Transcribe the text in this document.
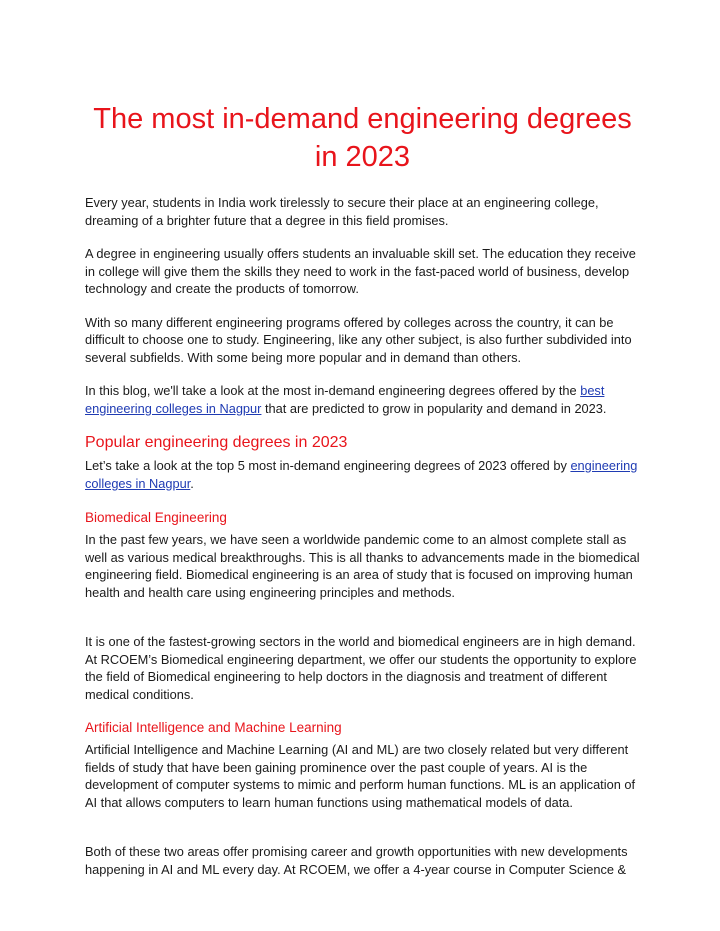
The most in-demand engineering degrees in 2023

Every year, students in India work tirelessly to secure their place at an engineering college, dreaming of a brighter future that a degree in this field promises.

A degree in engineering usually offers students an invaluable skill set. The education they receive in college will give them the skills they need to work in the fast-paced world of business, develop technology and create the products of tomorrow.

With so many different engineering programs offered by colleges across the country, it can be difficult to choose one to study. Engineering, like any other subject, is also further subdivided into several subfields. With some being more popular and in demand than others.

In this blog, we'll take a look at the most in-demand engineering degrees offered by the best engineering colleges in Nagpur that are predicted to grow in popularity and demand in 2023.

Popular engineering degrees in 2023

Let’s take a look at the top 5 most in-demand engineering degrees of 2023 offered by engineering colleges in Nagpur.

Biomedical Engineering

In the past few years, we have seen a worldwide pandemic come to an almost complete stall as well as various medical breakthroughs. This is all thanks to advancements made in the biomedical engineering field. Biomedical engineering is an area of study that is focused on improving human health and health care using engineering principles and methods.

It is one of the fastest-growing sectors in the world and biomedical engineers are in high demand. At RCOEM’s Biomedical engineering department, we offer our students the opportunity to explore the field of Biomedical engineering to help doctors in the diagnosis and treatment of different medical conditions.

Artificial Intelligence and Machine Learning

Artificial Intelligence and Machine Learning (AI and ML) are two closely related but very different fields of study that have been gaining prominence over the past couple of years. AI is the development of computer systems to mimic and perform human functions. ML is an application of AI that allows computers to learn human functions using mathematical models of data.

Both of these two areas offer promising career and growth opportunities with new developments happening in AI and ML every day. At RCOEM, we offer a 4-year course in Computer Science &
